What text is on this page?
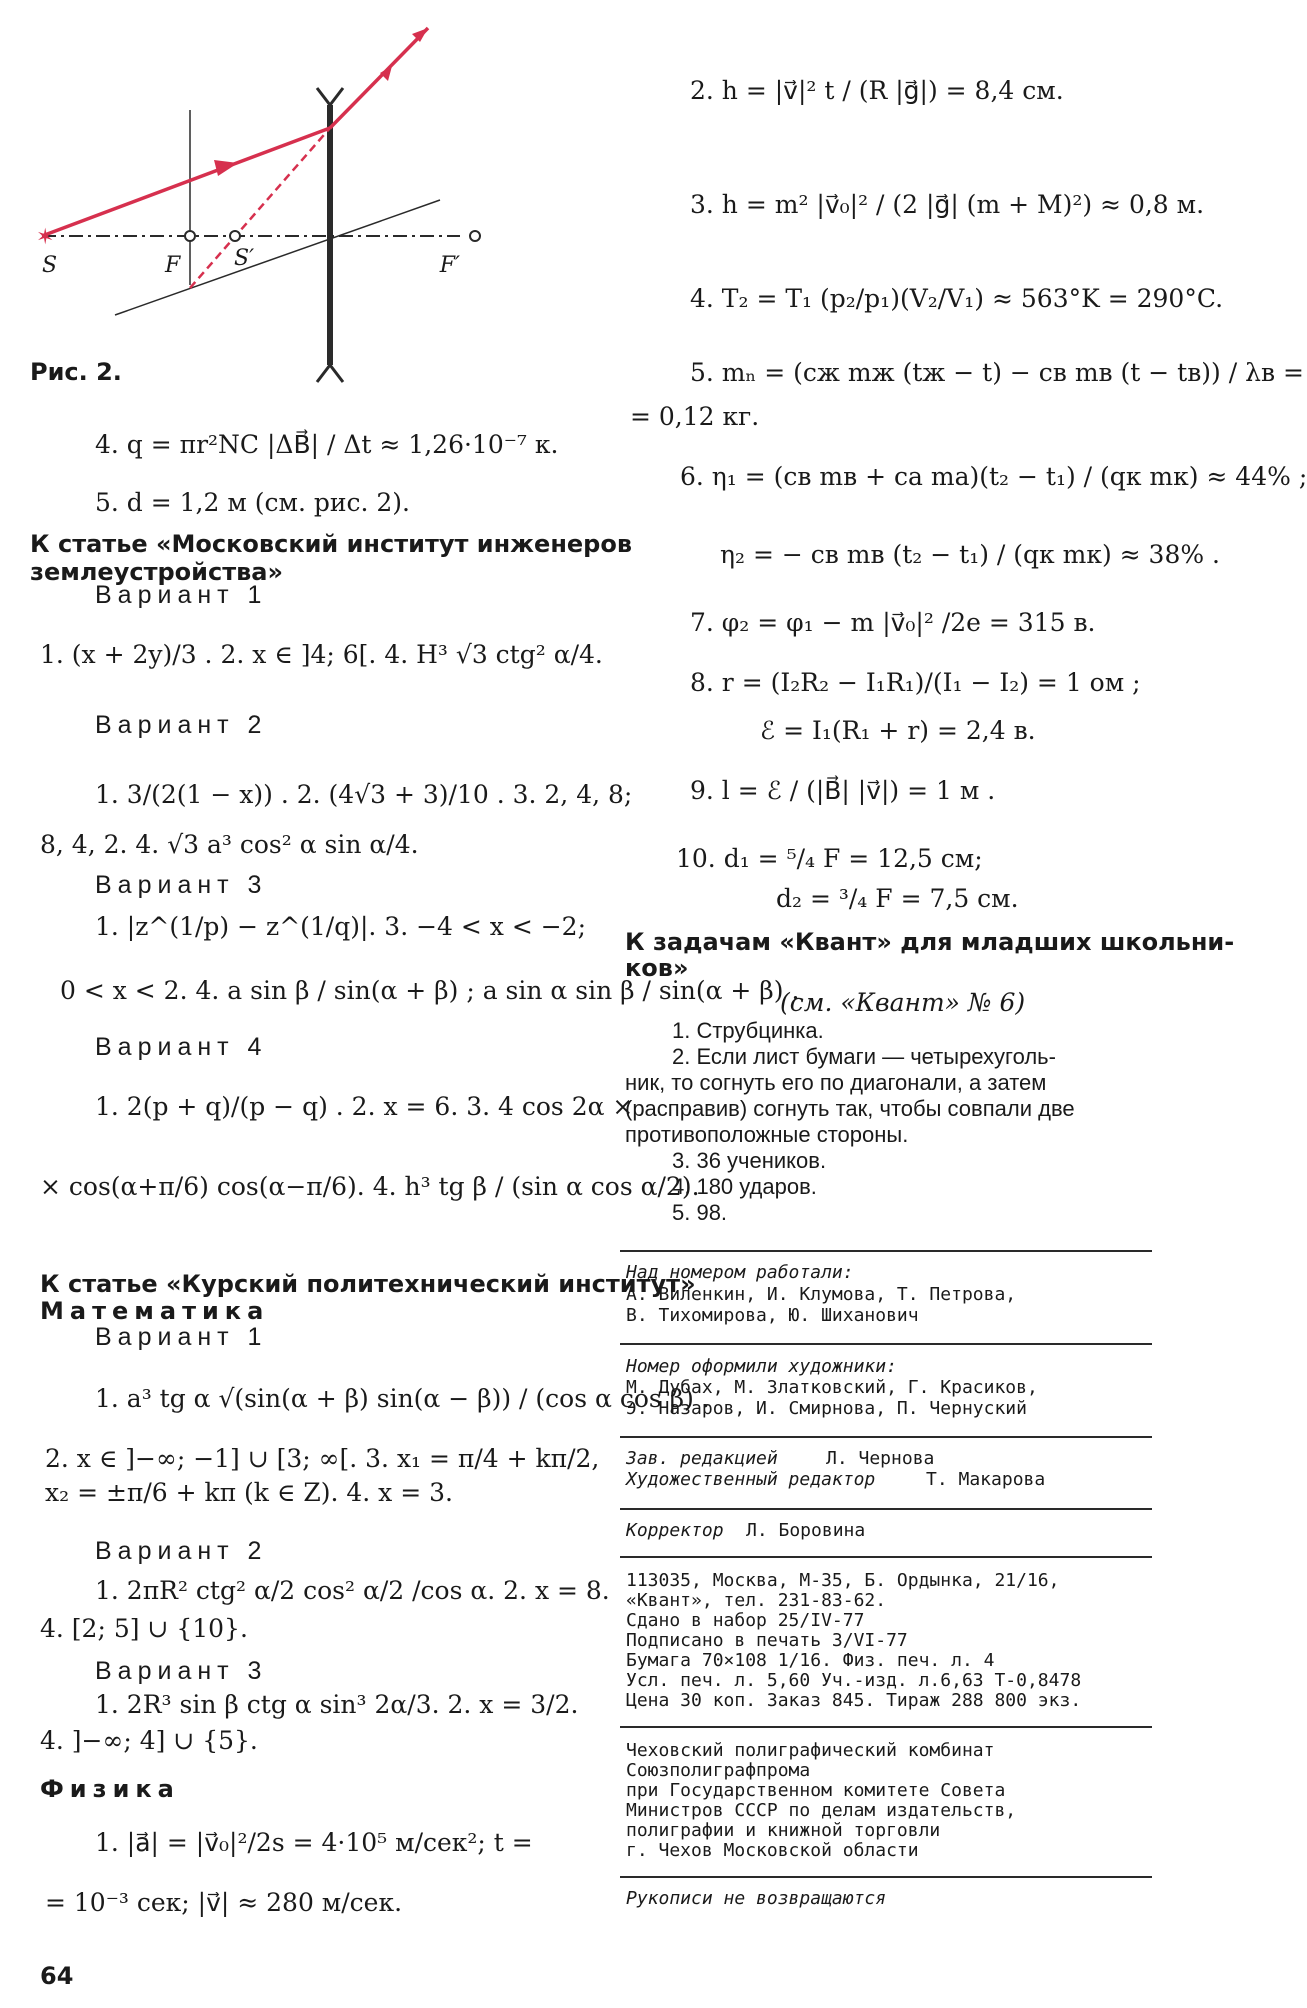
✶
S	F S′	F′
Рис. 2.
4. q = πr²NC |ΔB⃗| / Δt ≈ 1,26·10⁻⁷ к.
5. d = 1,2 м (см. рис. 2).
К статье «Московский институт инженеров
землеустройства»
Вариант 1
1. (x + 2y)/3 . 2. x ∈ ]4; 6[. 4. H³ √3 ctg² α/4.
Вариант 2
1. 3/(2(1 − x)) . 2. (4√3 + 3)/10 . 3. 2, 4, 8;
8, 4, 2. 4. √3 a³ cos² α sin α/4.
Вариант 3
1. |z^(1/p) − z^(1/q)|. 3. −4 < x < −2;
0 < x < 2. 4. a sin β / sin(α + β) ; a sin α sin β / sin(α + β) .
Вариант 4
1. 2(p + q)/(p − q) . 2. x = 6. 3. 4 cos 2α ×
× cos(α+π/6) cos(α−π/6). 4. h³ tg β / (sin α cos α/2).
К статье «Курский политехнический институт»
Математика
Вариант 1
1. a³ tg α √(sin(α + β) sin(α − β)) / (cos α cos β) .
2. x ∈ ]−∞; −1] ∪ [3; ∞[. 3. x₁ = π/4 + kπ/2,
x₂ = ±π/6 + kπ (k ∈ Z). 4. x = 3.
Вариант 2
1. 2πR² ctg² α/2 cos² α/2 /cos α. 2. x = 8.
4. [2; 5] ∪ {10}.
Вариант 3
1. 2R³ sin β ctg α sin³ 2α/3. 2. x = 3/2.
4. ]−∞; 4] ∪ {5}.
Физика
1. |a⃗| = |v⃗₀|²/2s = 4·10⁵ м/сек²; t =
= 10⁻³ сек; |v⃗| ≈ 280 м/сек.
64
2. h = |v⃗|² t / (R |g⃗|) = 8,4 см.
3. h = m² |v⃗₀|² / (2 |g⃗| (m + M)²) ≈ 0,8 м.
4. T₂ = T₁ (p₂/p₁)(V₂/V₁) ≈ 563°K = 290°C.
5. mₙ = (cж mж (tж − t) − cв mв (t − tв)) / λв =
= 0,12 кг.
6. η₁ = (cв mв + cа mа)(t₂ − t₁) / (qк mк) ≈ 44% ;
η₂ = − cв mв (t₂ − t₁) / (qк mк) ≈ 38% .
7. φ₂ = φ₁ − m |v⃗₀|² /2e = 315 в.
8. r = (I₂R₂ − I₁R₁)/(I₁ − I₂) = 1 ом ;
ℰ = I₁(R₁ + r) = 2,4 в.
9. l = ℰ / (|B⃗| |v⃗|) = 1 м .
10. d₁ = ⁵/₄ F = 12,5 см;
d₂ = ³/₄ F = 7,5 см.
К задачам «Квант» для младших школьни-
ков»
(см. «Квант» № 6)
1. Струбцинка.
2. Если лист бумаги — четырехуголь-
ник, то согнуть его по диагонали, а затем
(расправив) согнуть так, чтобы совпали две
противоположные стороны.
3. 36 учеников.
4. 180 ударов.
5. 98.
Над номером работали:
А. Виленкин, И. Клумова, Т. Петрова,
В. Тихомирова, Ю. Шиханович
Номер оформили художники:
М. Дубах, М. Златковский, Г. Красиков,
Э. Назаров, И. Смирнова, П. Чернуский
Зав. редакцией	Л. Чернова
Художественный редактор	Т. Макарова
Корректор Л. Боровина
113035, Москва, М-35, Б. Ордынка, 21/16,
«Квант», тел. 231-83-62.
Сдано в набор 25/IV-77
Подписано в печать 3/VI-77
Бумага 70×108 1/16. Физ. печ. л. 4
Усл. печ. л. 5,60 Уч.-изд. л.6,63 Т-0,8478
Цена 30 коп. Заказ 845. Тираж 288 800 экз.
Чеховский полиграфический комбинат
Союзполиграфпрома
при Государственном комитете Совета
Министров СССР по делам издательств,
полиграфии и книжной торговли
г. Чехов Московской области
Рукописи не возвращаются
